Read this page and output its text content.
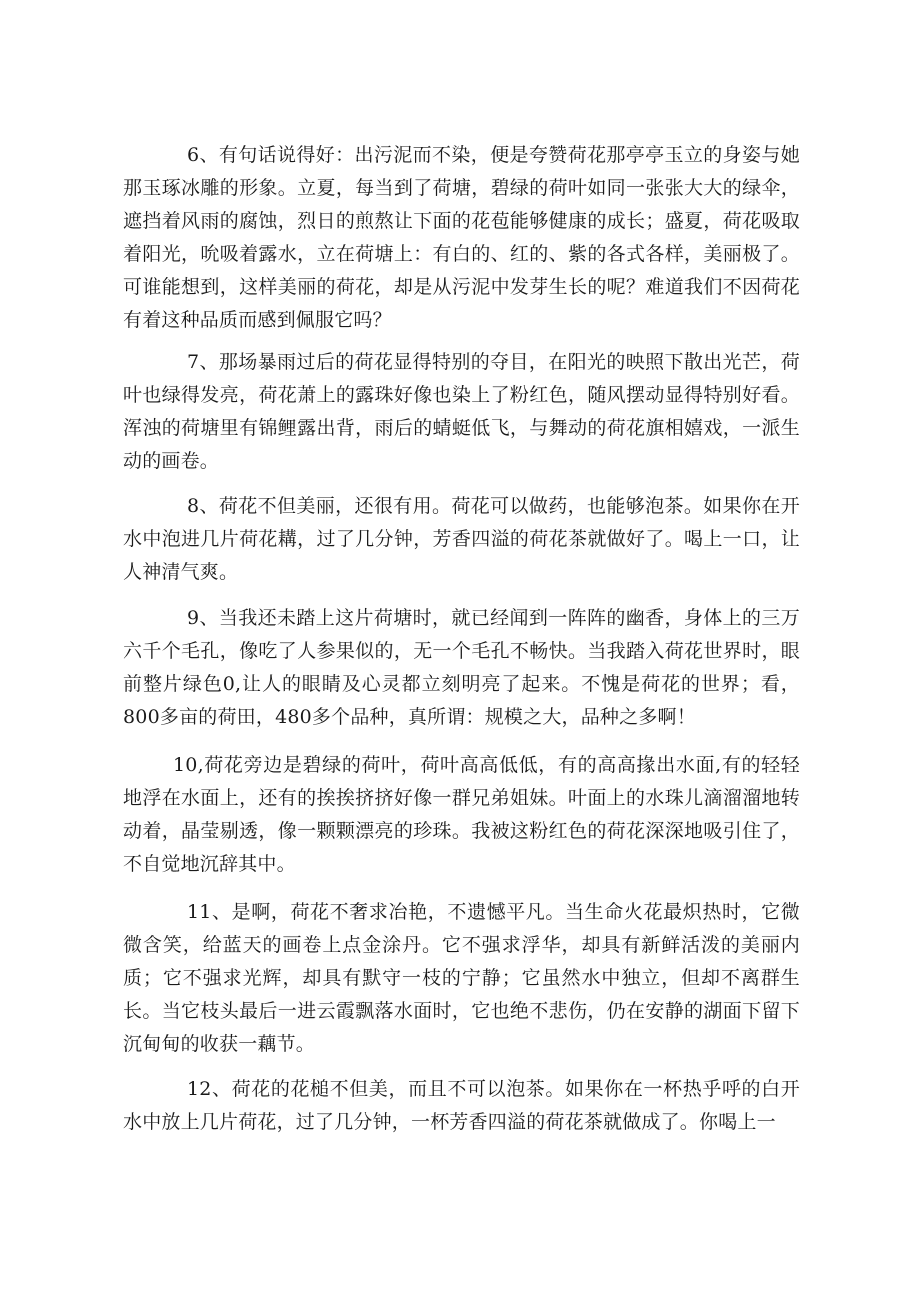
6、有句话说得好：出污泥而不染，便是夸赞荷花那亭亭玉立的身姿与她那玉琢冰雕的形象。立夏，每当到了荷塘，碧绿的荷叶如同一张张大大的绿伞，遮挡着风雨的腐蚀，烈日的煎熬让下面的花苞能够健康的成长；盛夏，荷花吸取着阳光，吮吸着露水，立在荷塘上：有白的、红的、紫的各式各样，美丽极了。可谁能想到，这样美丽的荷花，却是从污泥中发芽生长的呢？难道我们不因荷花有着这种品质而感到佩服它吗？

7、那场暴雨过后的荷花显得特别的夺目，在阳光的映照下散出光芒，荷叶也绿得发亮，荷花萧上的露珠好像也染上了粉红色，随风摆动显得特别好看。浑浊的荷塘里有锦鲤露出背，雨后的蜻蜓低飞，与舞动的荷花旗相嬉戏，一派生动的画卷。

8、荷花不但美丽，还很有用。荷花可以做药，也能够泡茶。如果你在开水中泡进几片荷花耩，过了几分钟，芳香四溢的荷花茶就做好了。喝上一口，让人神清气爽。

9、当我还未踏上这片荷塘时，就已经闻到一阵阵的幽香，身体上的三万六千个毛孔，像吃了人参果似的，无一个毛孔不畅快。当我踏入荷花世界时，眼前整片绿色0,让人的眼睛及心灵都立刻明亮了起来。不愧是荷花的世界；看，800多亩的荷田，480多个品种，真所谓：规模之大，品种之多啊！

10,荷花旁边是碧绿的荷叶，荷叶高高低低，有的高高掾出水面,有的轻轻地浮在水面上，还有的挨挨挤挤好像一群兄弟姐妹。叶面上的水珠儿滴溜溜地转动着，晶莹剔透，像一颗颗漂亮的珍珠。我被这粉红色的荷花深深地吸引住了，不自觉地沉辞其中。

11、是啊，荷花不奢求冶艳，不遗憾平凡。当生命火花最炽热时，它微微含笑，给蓝天的画卷上点金涂丹。它不强求浮华，却具有新鲜活泼的美丽内质；它不强求光辉，却具有默守一枝的宁静；它虽然水中独立，但却不离群生长。当它枝头最后一进云霞飘落水面时，它也绝不悲伤，仍在安静的湖面下留下沉甸甸的收获一藕节。

12、荷花的花槌不但美，而且不可以泡茶。如果你在一杯热乎呼的白开水中放上几片荷花，过了几分钟，一杯芳香四溢的荷花茶就做成了。你喝上一
